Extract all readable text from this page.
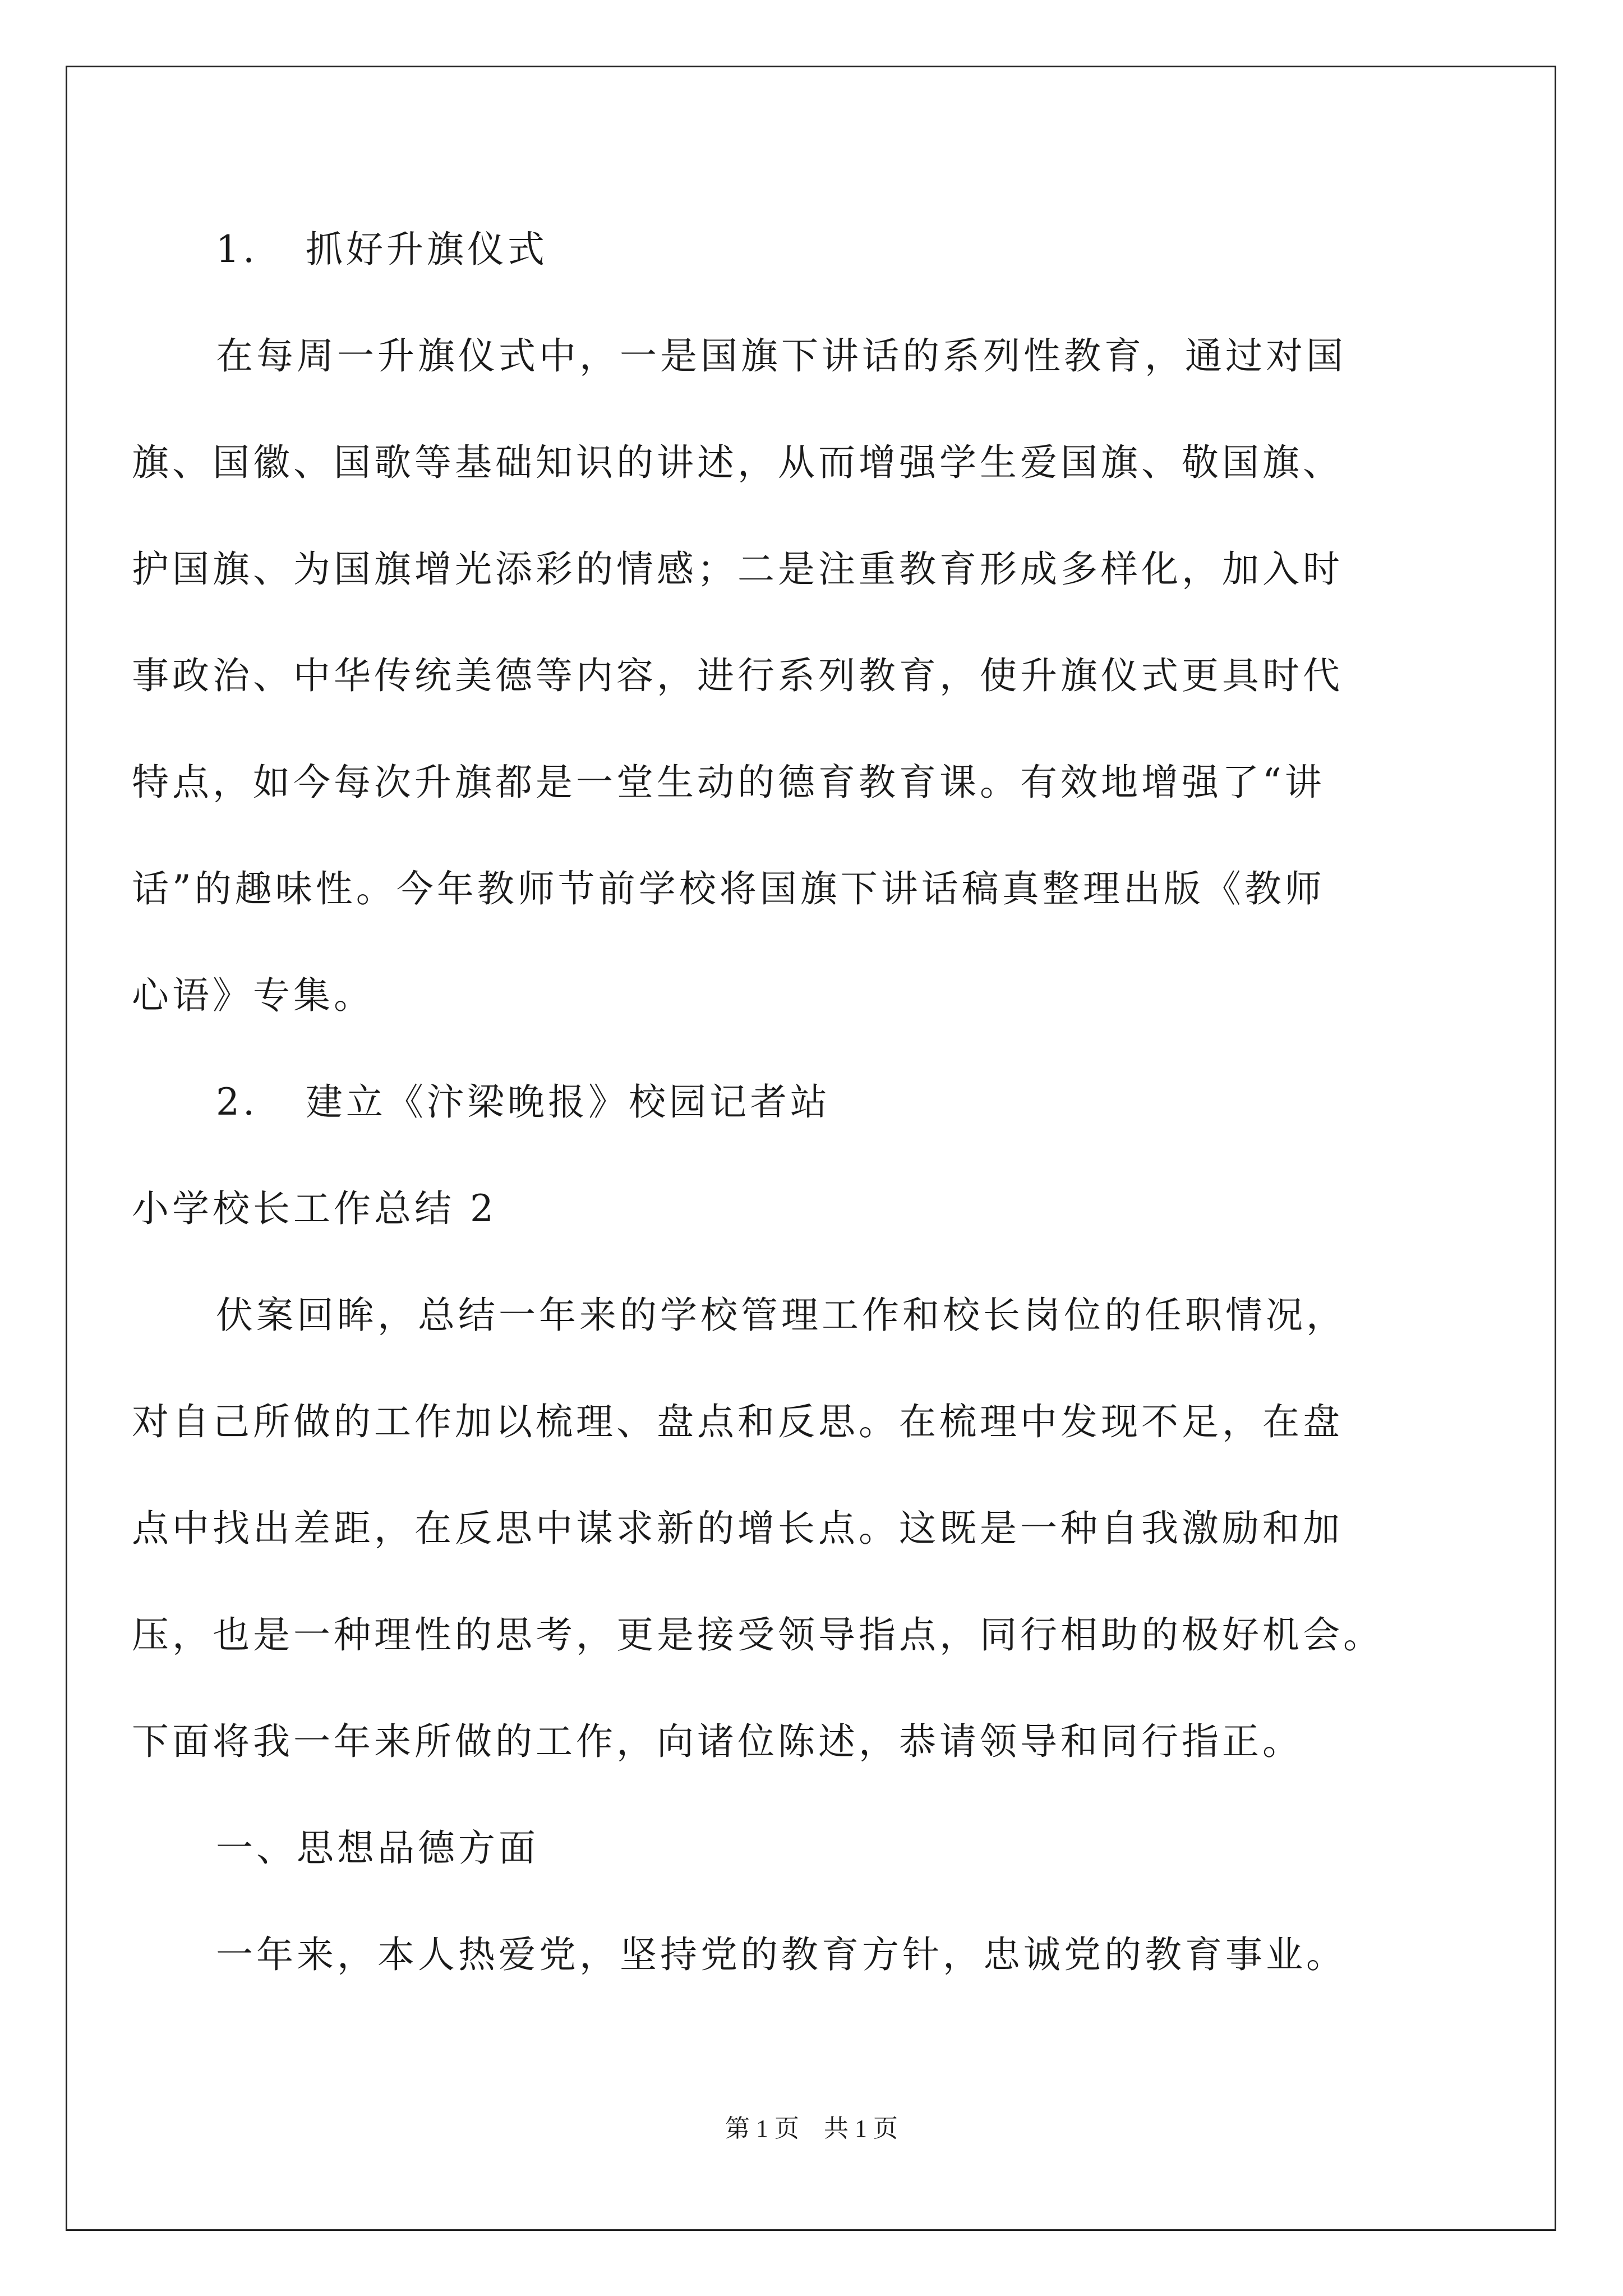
1. 抓好升旗仪式
在每周一升旗仪式中，一是国旗下讲话的系列性教育，通过对国
旗、国徽、国歌等基础知识的讲述，从而增强学生爱国旗、敬国旗、
护国旗、为国旗增光添彩的情感；二是注重教育形成多样化，加入时
事政治、中华传统美德等内容，进行系列教育，使升旗仪式更具时代
特点，如今每次升旗都是一堂生动的德育教育课。有效地增强了“讲
话”的趣味性。今年教师节前学校将国旗下讲话稿真整理出版《教师
心语》专集。
2. 建立《汴梁晚报》校园记者站
小学校长工作总结 2
伏案回眸，总结一年来的学校管理工作和校长岗位的任职情况，
对自己所做的工作加以梳理、盘点和反思。在梳理中发现不足，在盘
点中找出差距，在反思中谋求新的增长点。这既是一种自我激励和加
压，也是一种理性的思考，更是接受领导指点，同行相助的极好机会。
下面将我一年来所做的工作，向诸位陈述，恭请领导和同行指正。
一、思想品德方面
一年来，本人热爱党，坚持党的教育方针，忠诚党的教育事业。
第 1 页 共 1 页
